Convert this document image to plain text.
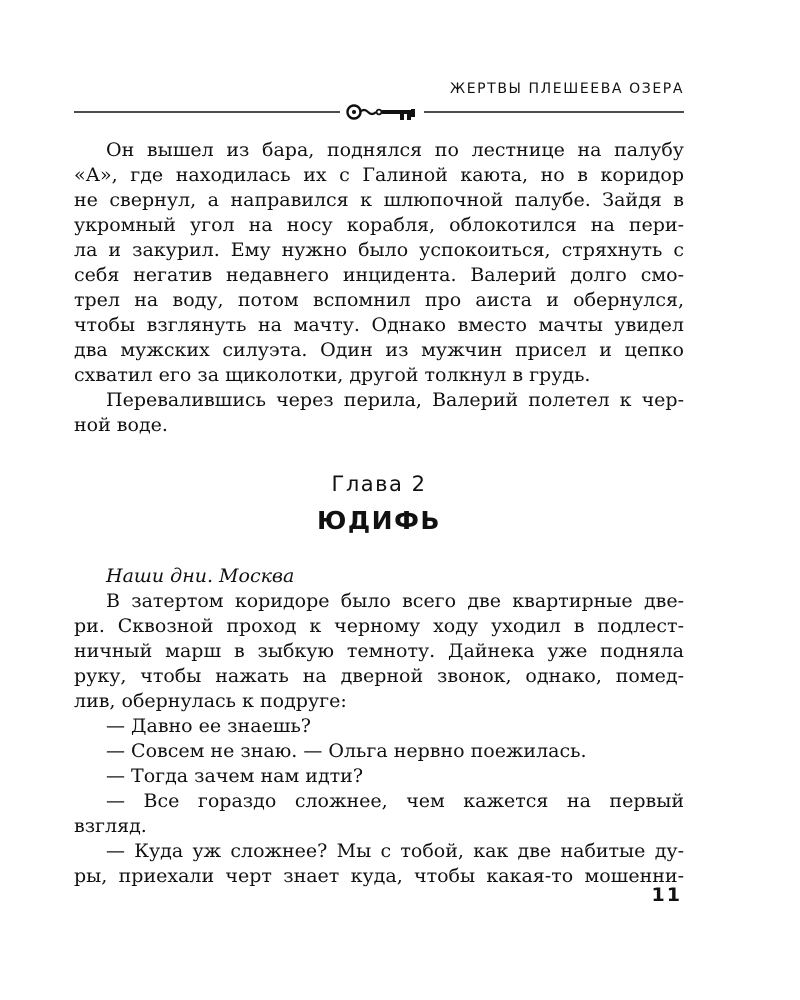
ЖЕРТВЫ ПЛЕШЕЕВА ОЗЕРА
Он вышел из бара, поднялся по лестнице на палубу
«А», где находилась их с Галиной каюта, но в коридор
не свернул, а направился к шлюпочной палубе. Зайдя в
укромный угол на носу корабля, облокотился на пери-
ла и закурил. Ему нужно было успокоиться, стряхнуть с
себя негатив недавнего инцидента. Валерий долго смо-
трел на воду, потом вспомнил про аиста и обернулся,
чтобы взглянуть на мачту. Однако вместо мачты увидел
два мужских силуэта. Один из мужчин присел и цепко
схватил его за щиколотки, другой толкнул в грудь.
Перевалившись через перила, Валерий полетел к чер-
ной воде.
Глава 2
ЮДИФЬ
Наши дни. Москва
В затертом коридоре было всего две квартирные две-
ри. Сквозной проход к черному ходу уходил в подлест-
ничный марш в зыбкую темноту. Дайнека уже подняла
руку, чтобы нажать на дверной звонок, однако, помед-
лив, обернулась к подруге:
— Давно ее знаешь?
— Совсем не знаю. — Ольга нервно поежилась.
— Тогда зачем нам идти?
— Все гораздо сложнее, чем кажется на первый
взгляд.
— Куда уж сложнее? Мы с тобой, как две набитые ду-
ры, приехали черт знает куда, чтобы какая-то мошенни-
11
